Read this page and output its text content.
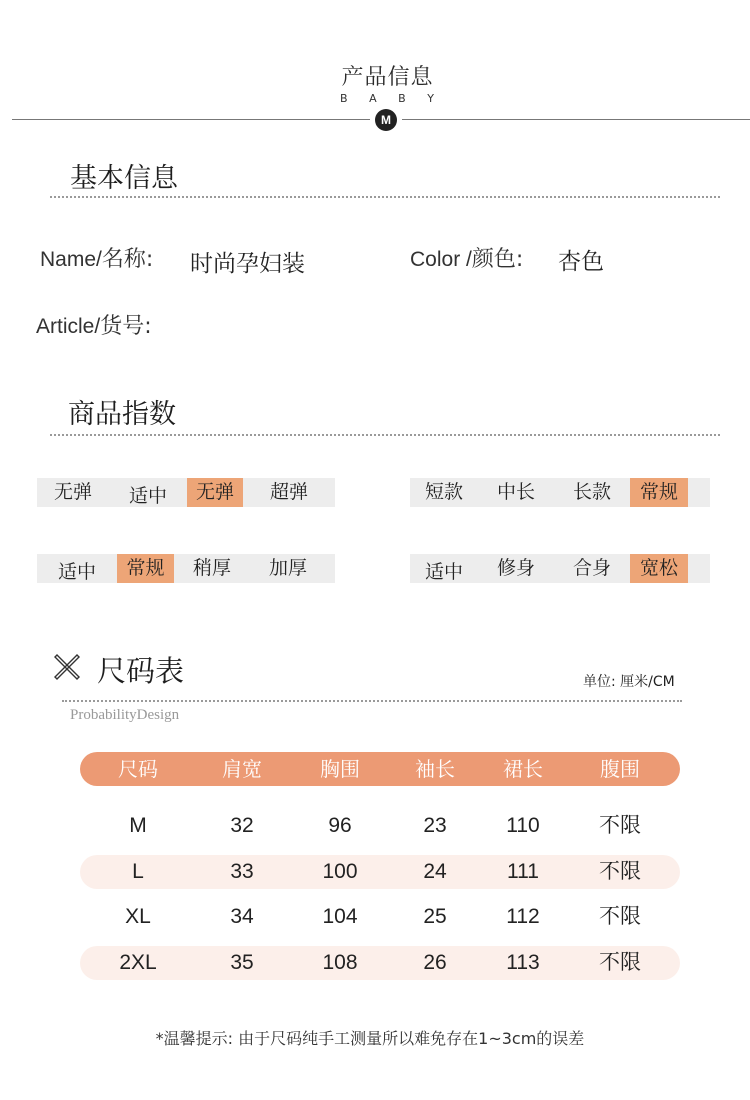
产品信息
B A B Y
M
基本信息
Name/名称: 时尚孕妇装	Color /颜色: 杏色
Article/货号:
商品指数
无弹	适中	无弹	超弹	短款	中长	长款	常规
适中	常规	稍厚	加厚	适中	修身	合身	宽松
尺码表	单位: 厘米/CM
ProbabilityDesign
尺码	肩宽	胸围	袖长 裙长	腹围
M	32	96	23	110	不限
L	33	100	24	111	不限
XL	34	104	25	112	不限
2XL	35	108	26	113	不限
*温馨提示: 由于尺码纯手工测量所以难免存在1~3cm的误差
